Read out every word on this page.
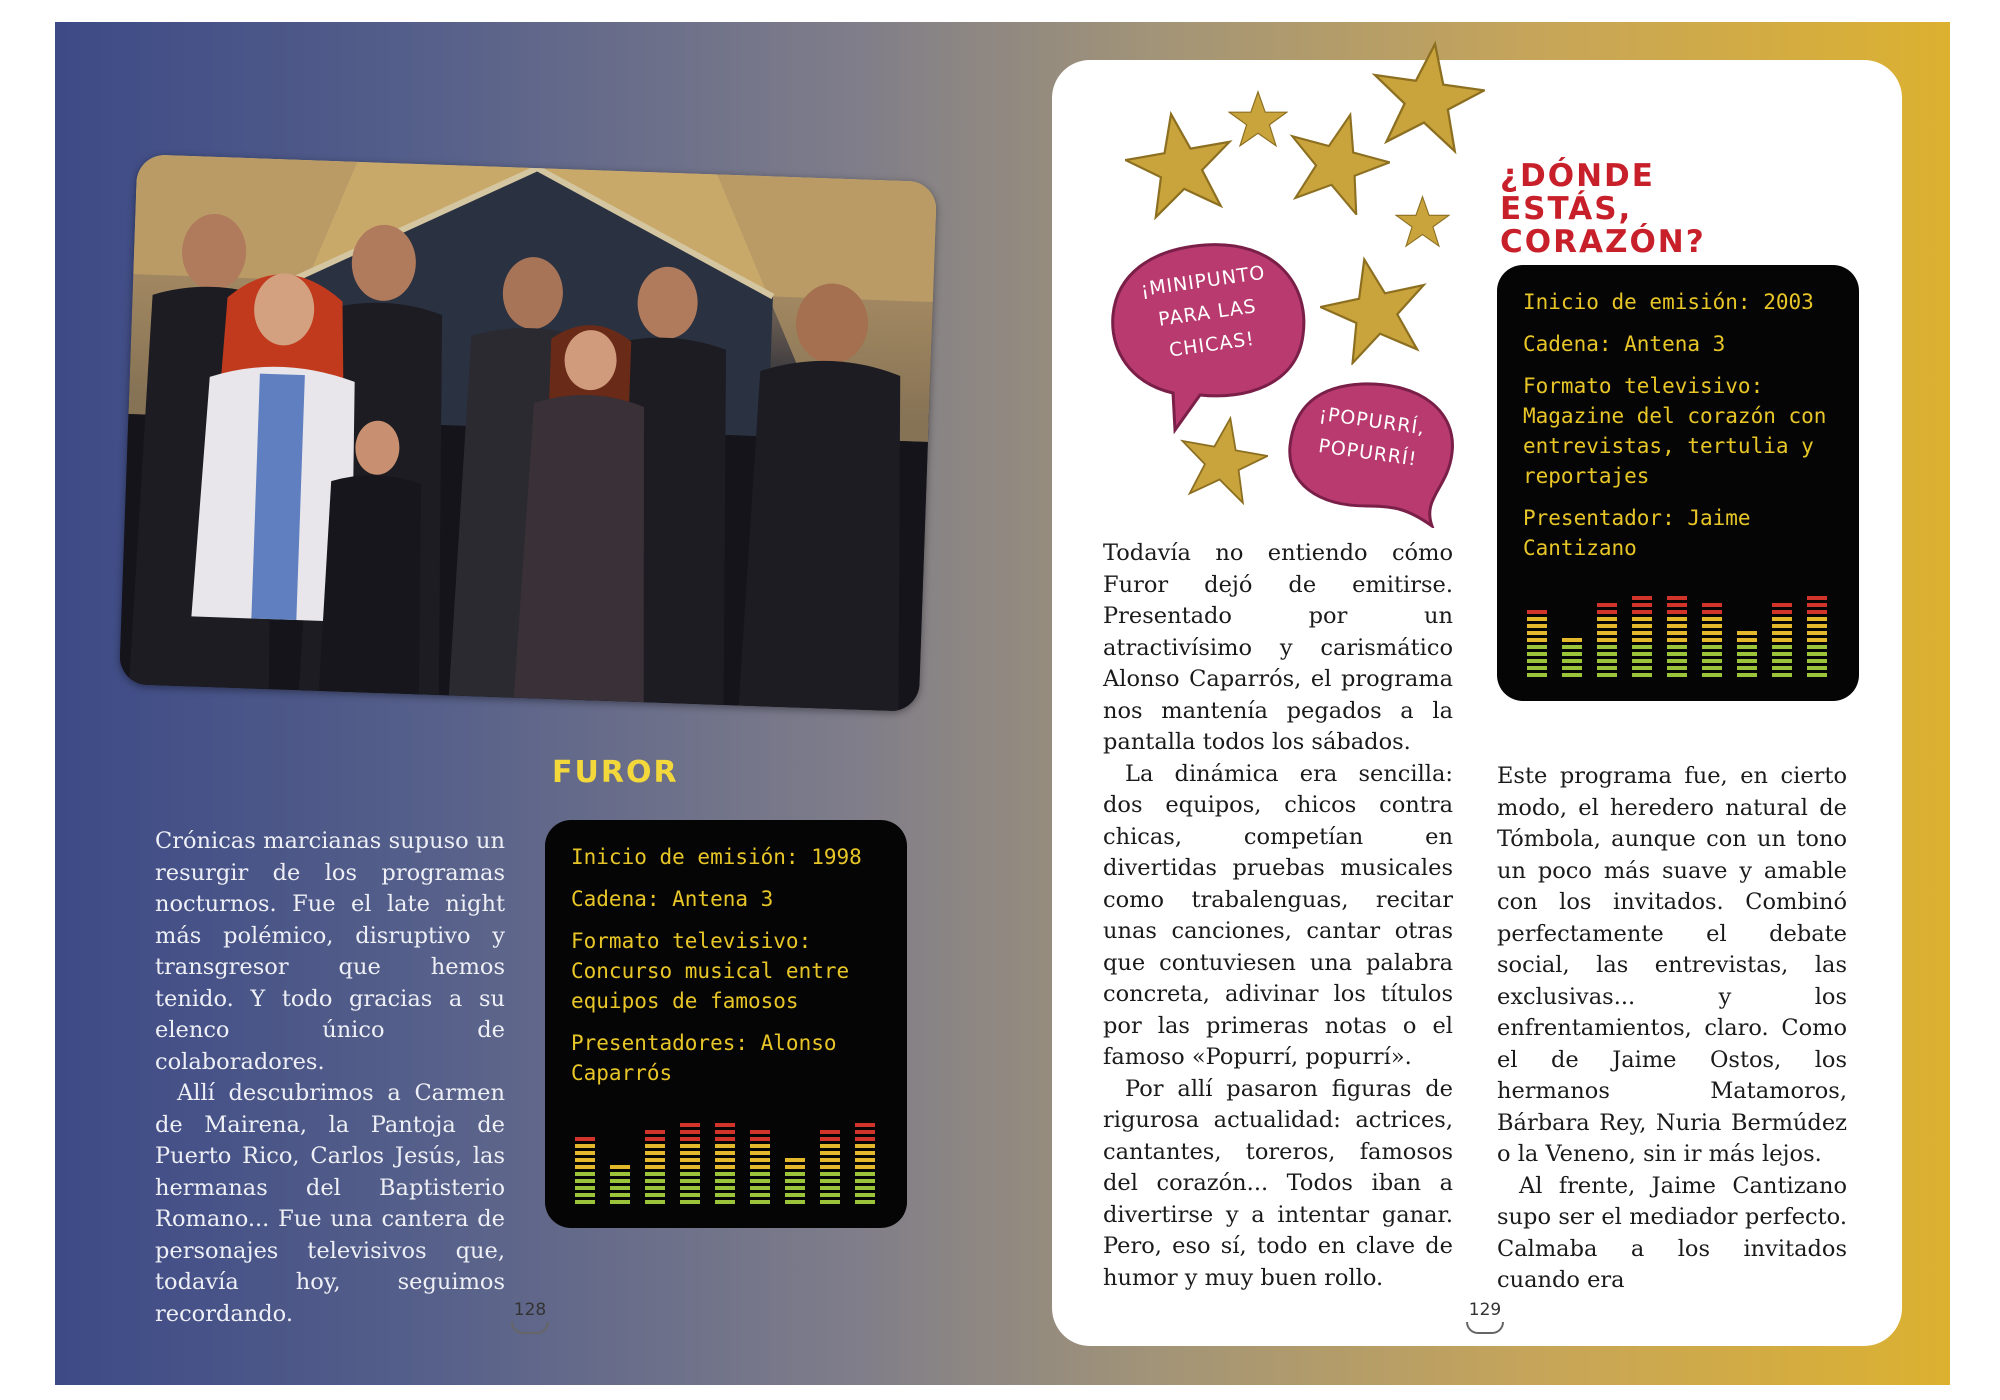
FUROR

Crónicas marcianas supuso un resurgir de los programas nocturnos. Fue el late night más polémico, disruptivo y transgresor que hemos tenido. Y todo gracias a su elenco único de colaboradores.

Allí descubrimos a Carmen de Mairena, la Pantoja de Puerto Rico, Carlos Jesús, las hermanas del Baptisterio Romano... Fue una cantera de personajes televisivos que, todavía hoy, seguimos recordando.

Inicio de emisión: 1998
Cadena: Antena 3
Formato televisivo:
Concurso musical entre equipos de famosos
Presentadores: Alonso
Caparrós
128
¡MINIPUNTO PARA LAS CHICAS!
¡POPURRÍ, POPURRÍ!
¿DÓNDE ESTÁS, CORAZÓN?
Inicio de emisión: 2003
Cadena: Antena 3
Formato televisivo:
Magazine del corazón con entrevistas, tertulia y reportajes
Presentador: Jaime
Cantizano

Todavía no entiendo cómo Furor dejó de emitirse. Presentado por un atractivísimo y carismático Alonso Caparrós, el programa nos mantenía pegados a la pantalla todos los sábados.

La dinámica era sencilla: dos equipos, chicos contra chicas, competían en divertidas pruebas musicales como trabalenguas, recitar unas canciones, cantar otras que contuviesen una palabra concreta, adivinar los títulos por las primeras notas o el famoso «Popurrí, popurrí».

Por allí pasaron figuras de rigurosa actualidad: actrices, cantantes, toreros, famosos del corazón... Todos iban a divertirse y a intentar ganar. Pero, eso sí, todo en clave de humor y muy buen rollo.

Este programa fue, en cierto modo, el heredero natural de Tómbola, aunque con un tono un poco más suave y amable con los invitados. Combinó perfectamente el debate social, las entrevistas, las exclusivas... y los enfrentamientos, claro. Como el de Jaime Ostos, los hermanos Matamoros, Bárbara Rey, Nuria Bermúdez o la Veneno, sin ir más lejos.

Al frente, Jaime Cantizano supo ser el mediador perfecto. Calmaba a los invitados cuando era

129
